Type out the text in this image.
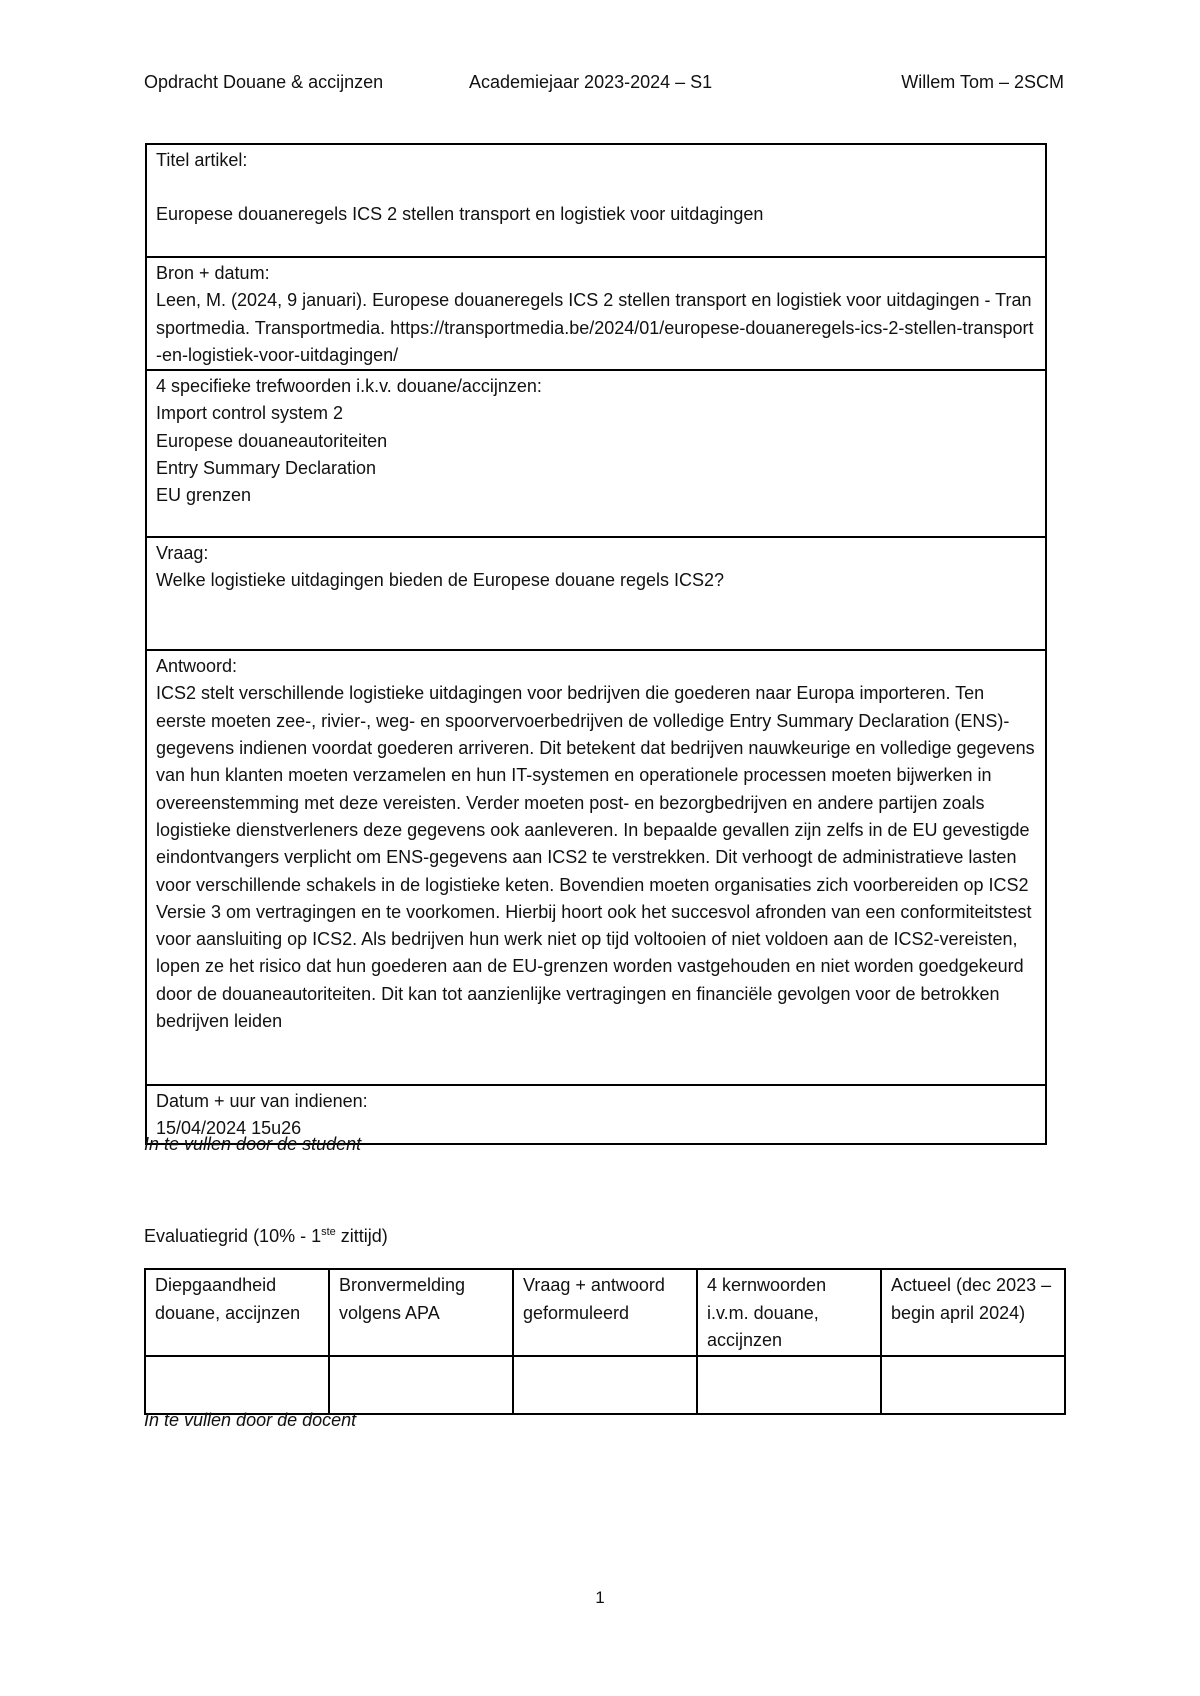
Opdracht Douane & accijnzen	Academiejaar 2023-2024 – S1	Willem Tom – 2SCM
Titel artikel:
Europese douaneregels ICS 2 stellen transport en logistiek voor uitdagingen

Bron + datum:
Leen, M. (2024, 9 januari). Europese douaneregels ICS 2 stellen transport en logistiek voor uitdagingen - Transportmedia. Transportmedia. https://transportmedia.be/2024/01/europese-douaneregels-ics-2-stellen-transport-en-logistiek-voor-uitdagingen/

4 specifieke trefwoorden i.k.v. douane/accijnzen:
Import control system 2
Europese douaneautoriteiten
Entry Summary Declaration
EU grenzen

Vraag:
Welke logistieke uitdagingen bieden de Europese douane regels ICS2?

Antwoord:
ICS2 stelt verschillende logistieke uitdagingen voor bedrijven die goederen naar Europa importeren. Ten eerste moeten zee-, rivier-, weg- en spoorvervoerbedrijven de volledige Entry Summary Declaration (ENS)-gegevens indienen voordat goederen arriveren. Dit betekent dat bedrijven nauwkeurige en volledige gegevens van hun klanten moeten verzamelen en hun IT-systemen en operationele processen moeten bijwerken in overeenstemming met deze vereisten. Verder moeten post- en bezorgbedrijven en andere partijen zoals logistieke dienstverleners deze gegevens ook aanleveren. In bepaalde gevallen zijn zelfs in de EU gevestigde eindontvangers verplicht om ENS-gegevens aan ICS2 te verstrekken. Dit verhoogt de administratieve lasten voor verschillende schakels in de logistieke keten. Bovendien moeten organisaties zich voorbereiden op ICS2 Versie 3 om vertragingen en te voorkomen. Hierbij hoort ook het succesvol afronden van een conformiteitstest voor aansluiting op ICS2. Als bedrijven hun werk niet op tijd voltooien of niet voldoen aan de ICS2-vereisten, lopen ze het risico dat hun goederen aan de EU-grenzen worden vastgehouden en niet worden goedgekeurd door de douaneautoriteiten. Dit kan tot aanzienlijke vertragingen en financiële gevolgen voor de betrokken bedrijven leiden

Datum + uur van indienen:
15/04/2024 15u26
In te vullen door de student
Evaluatiegrid (10% - 1ste zittijd)
Diepgaandheid douane, accijnzen	Bronvermelding volgens APA	Vraag + antwoord geformuleerd	4 kernwoorden i.v.m. douane, accijnzen	Actueel (dec 2023 – begin april 2024)

In te vullen door de docent
1
